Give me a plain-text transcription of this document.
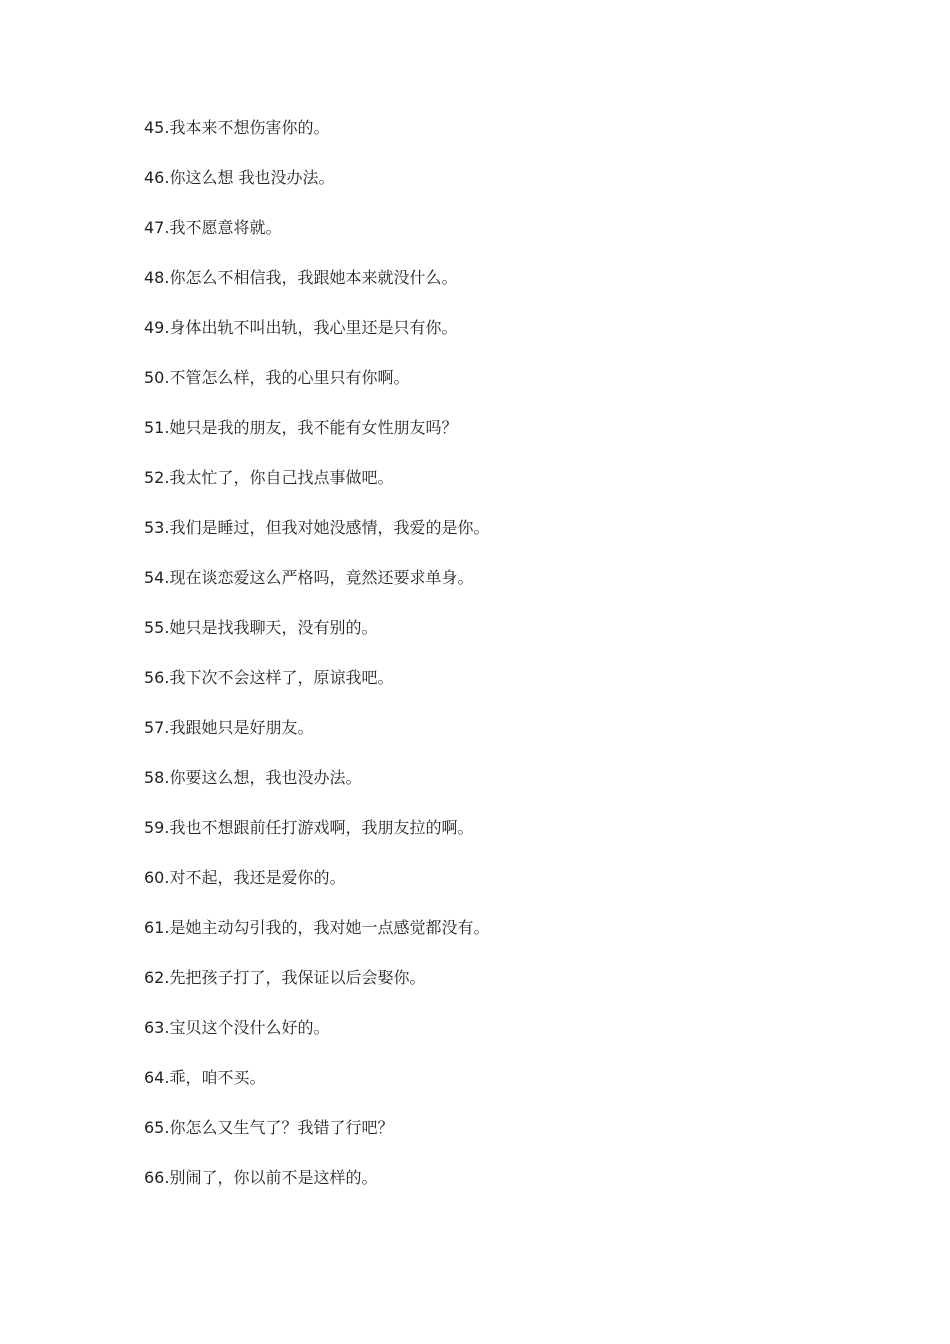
45.我本来不想伤害你的。
46.你这么想 我也没办法。
47.我不愿意将就。
48.你怎么不相信我，我跟她本来就没什么。
49.身体出轨不叫出轨，我心里还是只有你。
50.不管怎么样，我的心里只有你啊。
51.她只是我的朋友，我不能有女性朋友吗？
52.我太忙了，你自己找点事做吧。
53.我们是睡过，但我对她没感情，我爱的是你。
54.现在谈恋爱这么严格吗，竟然还要求单身。
55.她只是找我聊天，没有别的。
56.我下次不会这样了，原谅我吧。
57.我跟她只是好朋友。
58.你要这么想，我也没办法。
59.我也不想跟前任打游戏啊，我朋友拉的啊。
60.对不起，我还是爱你的。
61.是她主动勾引我的，我对她一点感觉都没有。
62.先把孩子打了，我保证以后会娶你。
63.宝贝这个没什么好的。
64.乖，咱不买。
65.你怎么又生气了？我错了行吧？
66.别闹了，你以前不是这样的。
